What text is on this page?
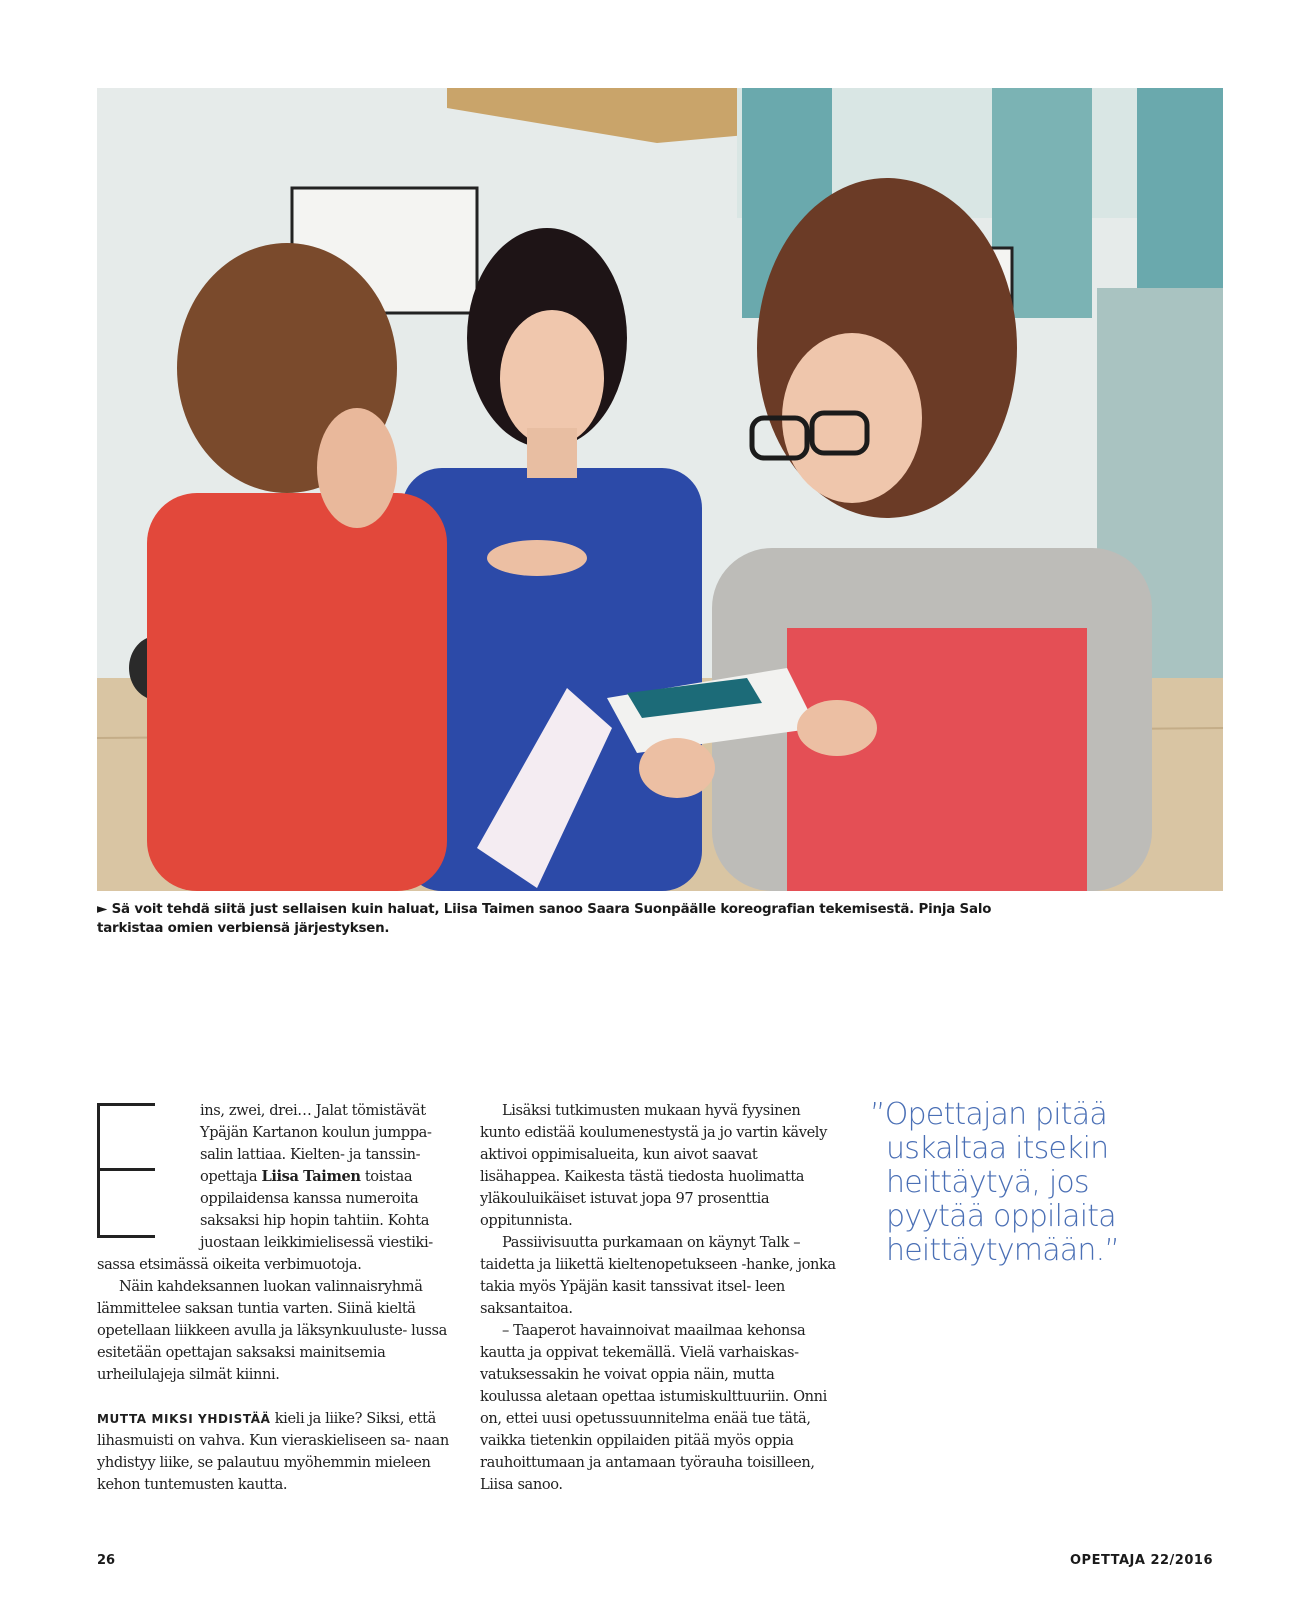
► Sä voit tehdä siitä just sellaisen kuin haluat, Liisa Taimen sanoo Saara Suonpäälle koreografian tekemisestä. Pinja Salo tarkistaa omien verbiensä järjestyksen.
ins, zwei, drei… Jalat tömistävät
Ypäjän Kartanon koulun jumppa-
salin lattiaa. Kielten- ja tanssin-
opettaja Liisa Taimen toistaa
oppilaidensa kanssa numeroita
saksaksi hip hopin tahtiin. Kohta
juostaan leikkimielisessä viestiki-

sassa etsimässä oikeita verbimuotoja.

Näin kahdeksannen luokan valinnaisryhmä lämmittelee saksan tuntia varten. Siinä kieltä opetellaan liikkeen avulla ja läksynkuuluste- lussa esitetään opettajan saksaksi mainitsemia urheilulajeja silmät kiinni.

MUTTA MIKSI YHDISTÄÄ kieli ja liike? Siksi, että lihasmuisti on vahva. Kun vieraskieliseen sa- naan yhdistyy liike, se palautuu myöhemmin mieleen kehon tuntemusten kautta.

Lisäksi tutkimusten mukaan hyvä fyysinen kunto edistää koulumenestystä ja jo vartin kävely aktivoi oppimisalueita, kun aivot saavat lisähappea. Kaikesta tästä tiedosta huolimatta yläkouluikäiset istuvat jopa 97 prosenttia oppitunnista.

Passiivisuutta purkamaan on käynyt Talk – taidetta ja liikettä kieltenopetukseen -hanke, jonka takia myös Ypäjän kasit tanssivat itsel- leen saksantaitoa.

– Taaperot havainnoivat maailmaa kehonsa kautta ja oppivat tekemällä. Vielä varhaiskas- vatuksessakin he voivat oppia näin, mutta koulussa aletaan opettaa istumiskulttuuriin. Onni on, ettei uusi opetussuunnitelma enää tue tätä, vaikka tietenkin oppilaiden pitää myös oppia rauhoittumaan ja antamaan työrauha toisilleen, Liisa sanoo.

”Opettajan pitää
uskaltaa itsekin
heittäytyä, jos
pyytää oppilaita
heittäytymään.”
26	OPETTAJA 22/2016
